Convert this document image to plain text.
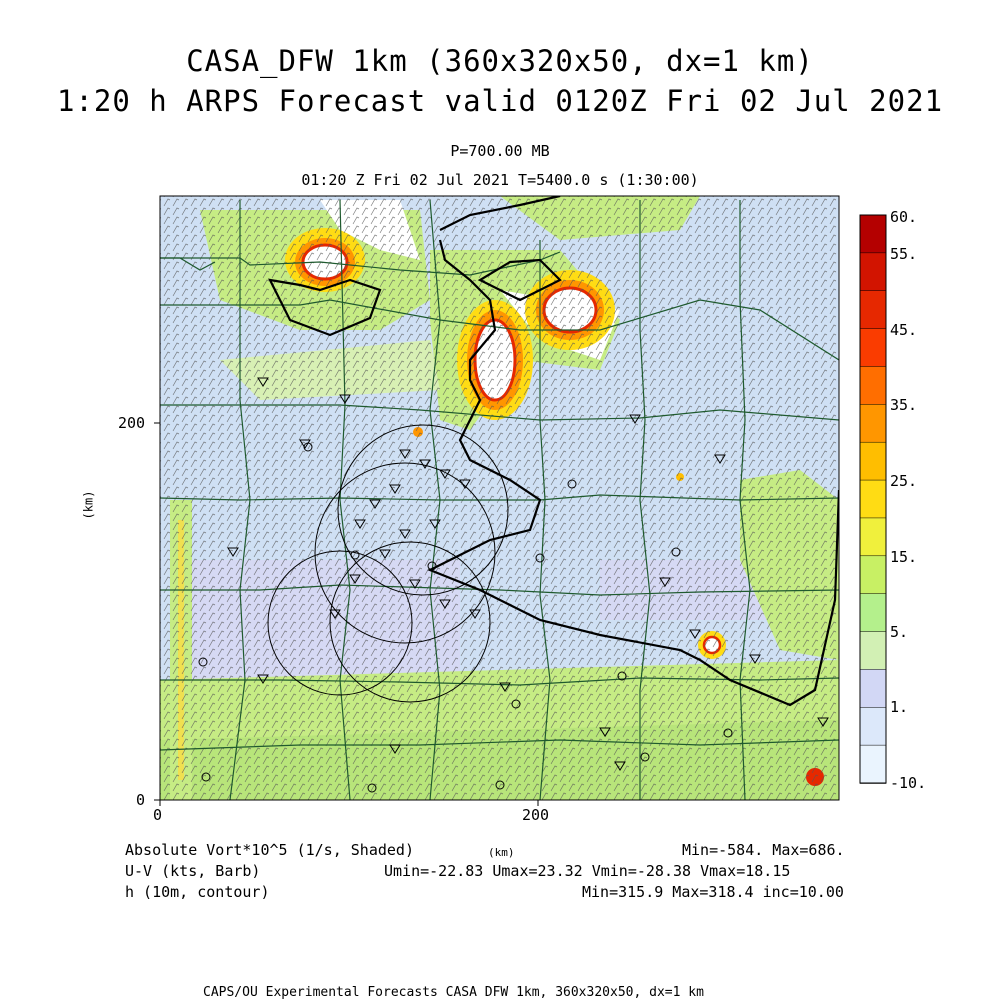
CASA_DFW 1km (360x320x50, dx=1 km)
1:20 h ARPS Forecast valid 0120Z Fri 02 Jul 2021
P=700.00 MB
01:20 Z Fri 02 Jul 2021 T=5400.0 s (1:30:00)
0	200
0
200
(km)
60.
55.
45.
35.
25.
15.
5.
1.
-10.
Absolute Vort*10^5 (1/s, Shaded)	(km)	Min=-584. Max=686.
U-V (kts, Barb)	Umin=-22.83 Umax=23.32 Vmin=-28.38 Vmax=18.15
h (10m, contour)	Min=315.9 Max=318.4 inc=10.00
CAPS/OU Experimental Forecasts CASA DFW 1km, 360x320x50, dx=1 km
